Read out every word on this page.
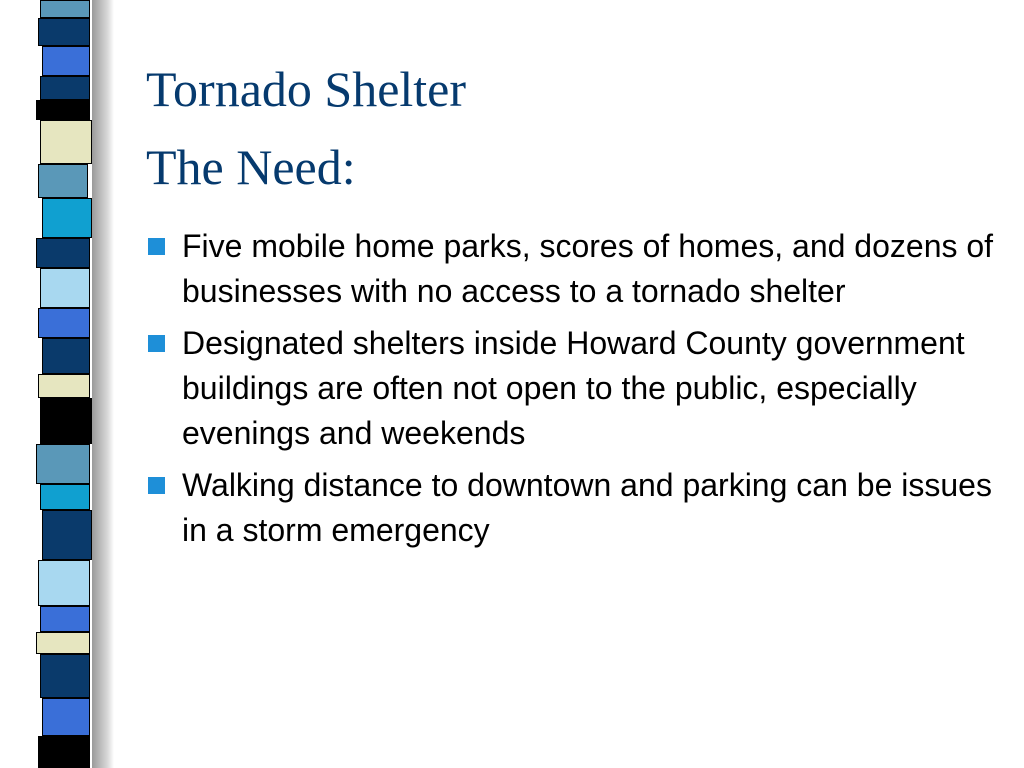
Tornado Shelter
The Need:
Five mobile home parks, scores of homes, and dozens of businesses with no access to a tornado shelter
Designated shelters inside Howard County government buildings are often not open to the public, especially evenings and weekends
Walking distance to downtown and parking can be issues in a storm emergency
